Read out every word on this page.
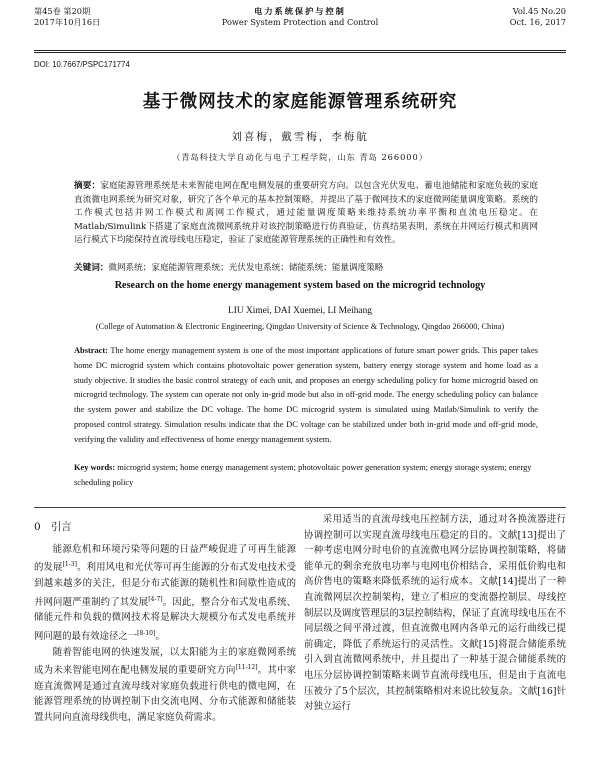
第45卷 第20期
2017年10月16日
电力系统保护与控制
Power System Protection and Control
Vol.45 No.20
Oct. 16, 2017
DOI: 10.7667/PSPC171774
基于微网技术的家庭能源管理系统研究
刘喜梅，戴雪梅，李梅航
（青岛科技大学自动化与电子工程学院，山东 青岛 266000）
摘要：家庭能源管理系统是未来智能电网在配电侧发展的重要研究方向。以包含光伏发电、蓄电池储能和家庭负载的家庭直流微电网系统为研究对象，研究了各个单元的基本控制策略，并提出了基于微网技术的家庭微网能量调度策略。系统的工作模式包括并网工作模式和离网工作模式，通过能量调度策略来维持系统功率平衡和直流电压稳定。在Matlab/Simulink下搭建了家庭直流微网系统并对该控制策略进行仿真验证，仿真结果表明，系统在并网运行模式和离网运行模式下均能保持直流母线电压稳定，验证了家庭能源管理系统的正确性和有效性。
关键词：微网系统；家庭能源管理系统；光伏发电系统；储能系统；能量调度策略
Research on the home energy management system based on the microgrid technology
LIU Ximei, DAI Xuemei, LI Meihang
(College of Automation & Electronic Engineering, Qingdao University of Science & Technology, Qingdao 266000, China)
Abstract: The home energy management system is one of the most important applications of future smart power grids. This paper takes home DC microgrid system which contains photovoltaic power generation system, battery energy storage system and home load as a study objective. It studies the basic control strategy of each unit, and proposes an energy scheduling policy for home microgrid based on microgrid technology. The system can operate not only in-grid mode but also in off-grid mode. The energy scheduling policy can balance the system power and stabilize the DC voltage. The home DC microgrid system is simulated using Matlab/Simulink to verify the proposed control strategy. Simulation results indicate that the DC voltage can be stabilized under both in-grid mode and off-grid mode, verifying the validity and effectiveness of home energy management system.
Key words: microgrid system; home energy management system; photovoltaic power generation system; energy storage system; energy scheduling policy
0 引言

能源危机和环境污染等问题的日益严峻促进了可再生能源的发展[1-3]。利用风电和光伏等可再生能源的分布式发电技术受到越来越多的关注，但是分布式能源的随机性和间歇性造成的并网问题严重制约了其发展[4-7]。因此，整合分布式发电系统、储能元件和负载的微网技术将是解决大规模分布式发电系统并网问题的最有效途径之一[8-10]。

随着智能电网的快速发展，以太阳能为主的家庭微网系统成为未来智能电网在配电侧发展的重要研究方向[11-12]。其中家庭直流微网是通过直流母线对家庭负载进行供电的微电网，在能源管理系统的协调控制下由交流电网、分布式能源和储能装置共同向直流母线供电，满足家庭负荷需求。

采用适当的直流母线电压控制方法，通过对各换流器进行协调控制可以实现直流母线电压稳定的目的。文献[13]提出了一种考虑电网分时电价的直流微电网分层协调控制策略，将储能单元的剩余充放电功率与电网电价相结合，采用低价购电和高价售电的策略来降低系统的运行成本。文献[14]提出了一种直流微网层次控制架构，建立了相应的变流器控制层、母线控制层以及调度管理层的3层控制结构，保证了直流母线电压在不同层级之间平滑过渡，但直流微电网内各单元的运行曲线已提前确定，降低了系统运行的灵活性。文献[15]将混合储能系统引入到直流微网系统中，并且提出了一种基于混合储能系统的电压分层协调控制策略来调节直流母线电压，但是由于直流电压被分了5个层次，其控制策略相对来说比较复杂。文献[16]针对独立运行
